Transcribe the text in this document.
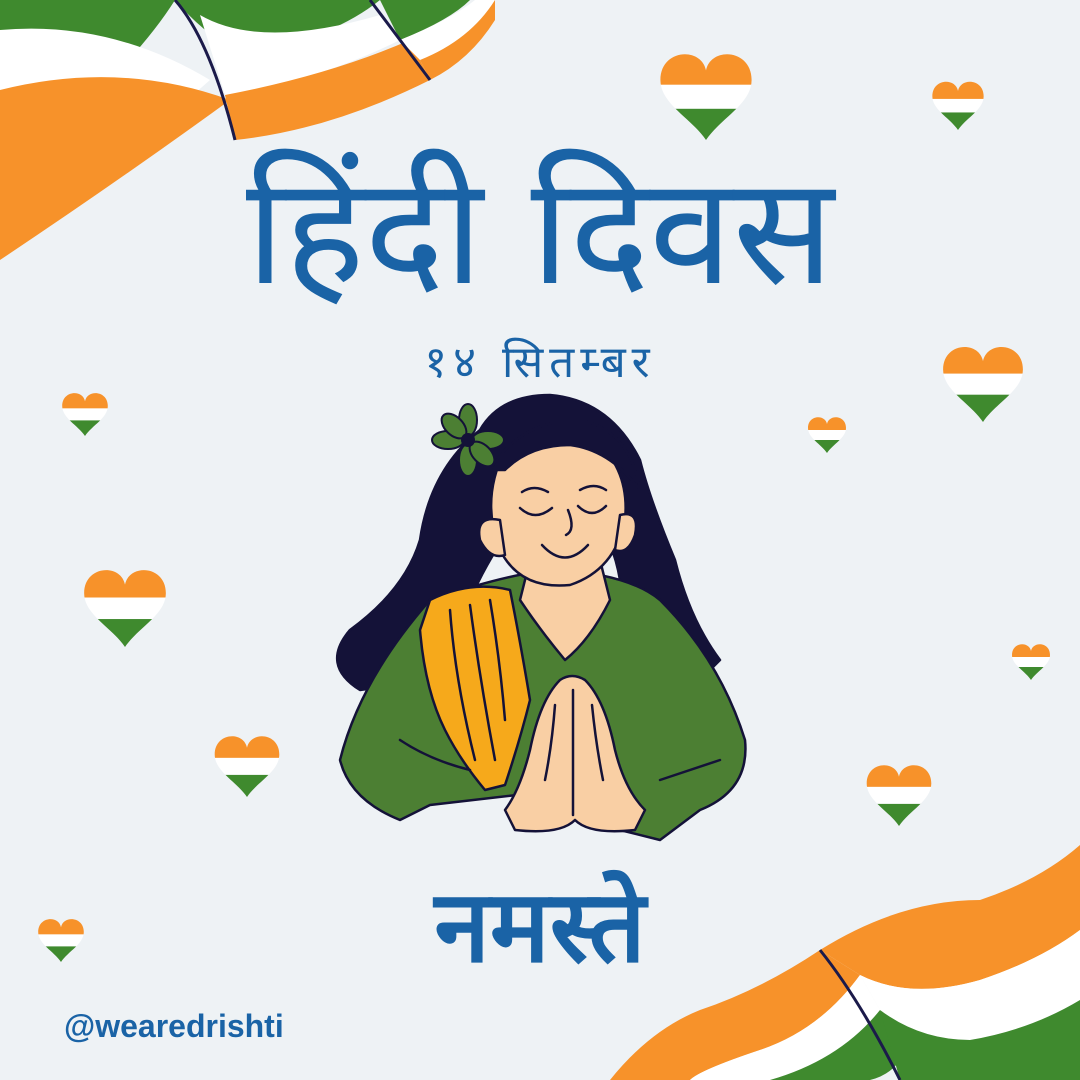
हिंदी दिवस
१४ सितम्बर
नमस्ते
@wearedrishti
